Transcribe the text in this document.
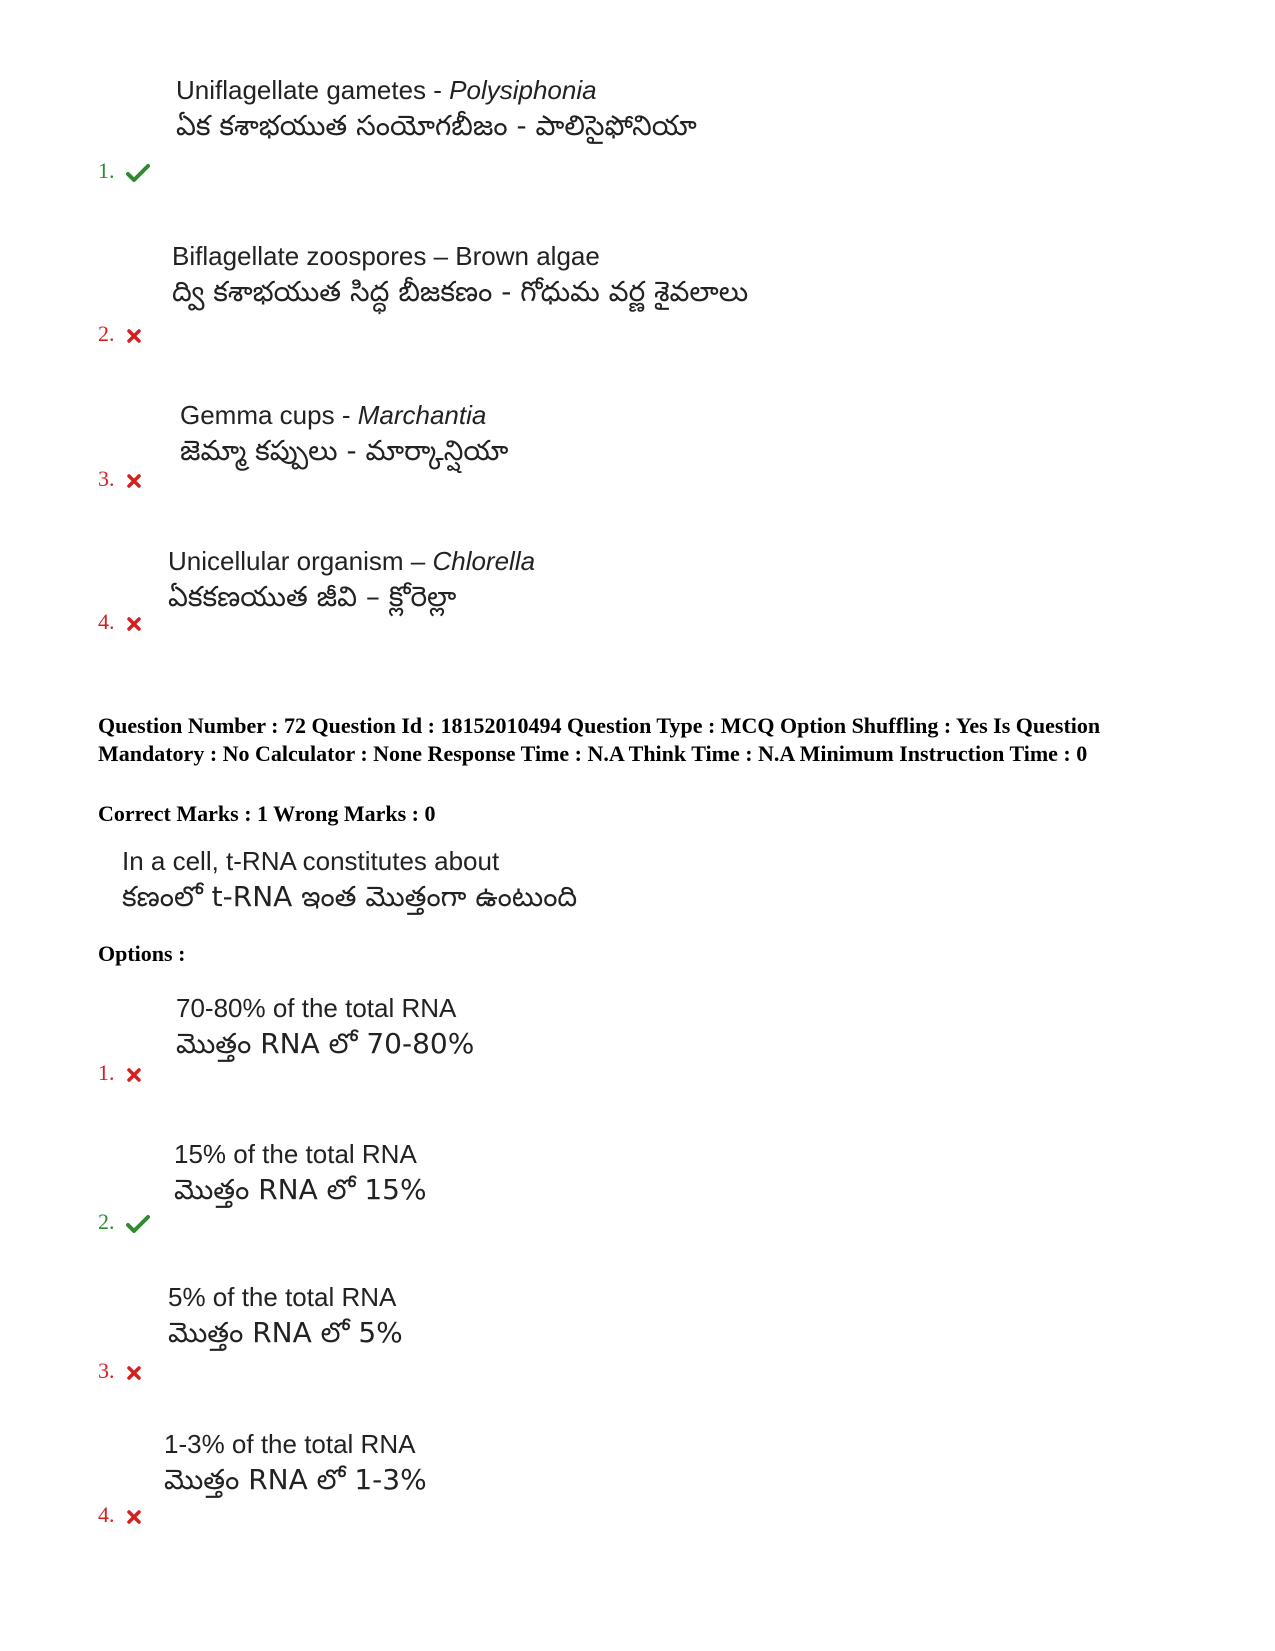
Uniflagellate gametes - Polysiphonia
ఏక కశాభయుత సంయోగబీజం - పాలిసైఫోనియా
1.
Biflagellate zoospores – Brown algae
ద్వి కశాభయుత సిద్ధ బీజకణం - గోధుమ వర్ణ శైవలాలు
2.
Gemma cups - Marchantia
జెమ్మా కప్పులు - మార్కాన్షియా
3.
Unicellular organism – Chlorella
ఏకకణయుత జీవి – క్లోరెల్లా
4.
Question Number : 72 Question Id : 18152010494 Question Type : MCQ Option Shuffling : Yes Is Question Mandatory : No Calculator : None Response Time : N.A Think Time : N.A Minimum Instruction Time : 0
Correct Marks : 1 Wrong Marks : 0
In a cell, t-RNA constitutes about
కణంలో t-RNA ఇంత మొత్తంగా ఉంటుంది
Options :
70-80% of the total RNA
మొత్తం RNA లో 70-80%
1.
15% of the total RNA
మొత్తం RNA లో 15%
2.
5% of the total RNA
మొత్తం RNA లో 5%
3.
1-3% of the total RNA
మొత్తం RNA లో 1-3%
4.
